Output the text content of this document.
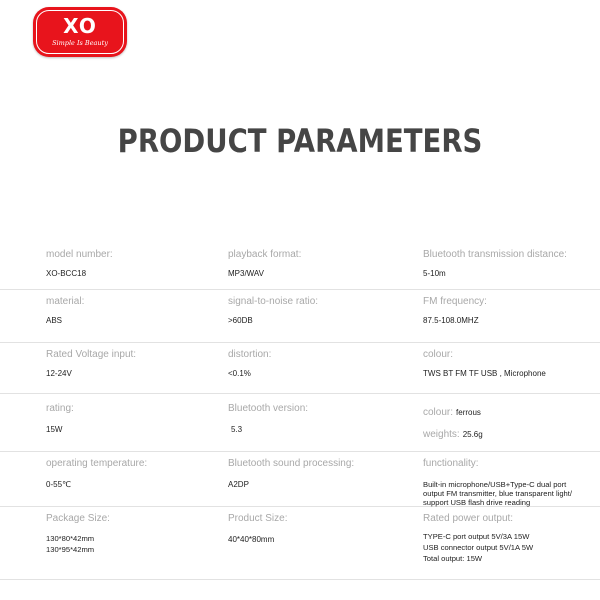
XO
Simple Is Beauty
PRODUCT PARAMETERS
model number:
XO-BCC18
playback format:
MP3/WAV
Bluetooth transmission distance:
5-10m
material:
ABS
signal-to-noise ratio:
>60DB
FM frequency:
87.5-108.0MHZ
Rated Voltage input:
12-24V
distortion:
<0.1%
colour:
TWS BT FM TF USB , Microphone
rating:
15W
Bluetooth version:
5.3
colour: ferrous
weights: 25.6g
operating temperature:
0-55℃
Bluetooth sound processing:
A2DP
functionality:
Built-in microphone/USB+Type-C dual port
output FM transmitter, blue transparent light/
support USB flash drive reading
Package Size:
130*80*42mm
130*95*42mm
Product Size:
40*40*80mm
Rated power output:
TYPE-C port output 5V/3A 15W
USB connector output 5V/1A 5W
Total output: 15W
